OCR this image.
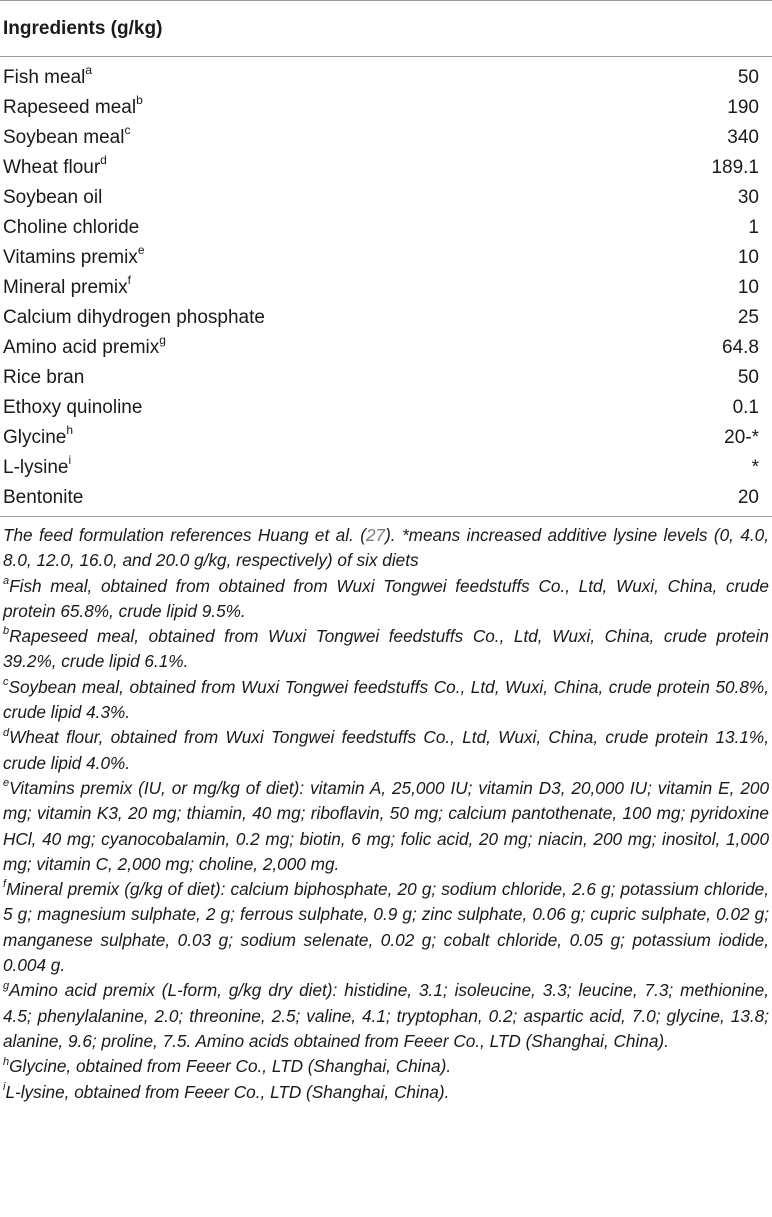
Ingredients (g/kg)
Fish meal$^a$	50
Rapeseed meal$^b$	190
Soybean meal$^c$	340
Wheat flour$^d$	189.1
Soybean oil	30
Choline chloride	1
Vitamins premix$^e$	10
Mineral premix$^f$	10
Calcium dihydrogen phosphate	25
Amino acid premix$^g$	64.8
Rice bran	50
Ethoxy quinoline	0.1
Glycine$^h$	20-*
L-lysine$^i$	*
Bentonite	20

The feed formulation references Huang et al. (27). *means increased additive lysine levels (0, 4.0, 8.0, 12.0, 16.0, and 20.0 g/kg, respectively) of six diets

$^a$Fish meal, obtained from obtained from Wuxi Tongwei feedstuffs Co., Ltd, Wuxi, China, crude protein 65.8%, crude lipid 9.5%.

$^b$Rapeseed meal, obtained from Wuxi Tongwei feedstuffs Co., Ltd, Wuxi, China, crude protein 39.2%, crude lipid 6.1%.

$^c$Soybean meal, obtained from Wuxi Tongwei feedstuffs Co., Ltd, Wuxi, China, crude protein 50.8%, crude lipid 4.3%.

$^d$Wheat flour, obtained from Wuxi Tongwei feedstuffs Co., Ltd, Wuxi, China, crude protein 13.1%, crude lipid 4.0%.

$^e$Vitamins premix (IU, or mg/kg of diet): vitamin A, 25,000 IU; vitamin D3, 20,000 IU; vitamin E, 200 mg; vitamin K3, 20 mg; thiamin, 40 mg; riboflavin, 50 mg; calcium pantothenate, 100 mg; pyridoxine HCl, 40 mg; cyanocobalamin, 0.2 mg; biotin, 6 mg; folic acid, 20 mg; niacin, 200 mg; inositol, 1,000 mg; vitamin C, 2,000 mg; choline, 2,000 mg.

$^f$Mineral premix (g/kg of diet): calcium biphosphate, 20 g; sodium chloride, 2.6 g; potassium chloride, 5 g; magnesium sulphate, 2 g; ferrous sulphate, 0.9 g; zinc sulphate, 0.06 g; cupric sulphate, 0.02 g; manganese sulphate, 0.03 g; sodium selenate, 0.02 g; cobalt chloride, 0.05 g; potassium iodide, 0.004 g.

$^g$Amino acid premix (L-form, g/kg dry diet): histidine, 3.1; isoleucine, 3.3; leucine, 7.3; methionine, 4.5; phenylalanine, 2.0; threonine, 2.5; valine, 4.1; tryptophan, 0.2; aspartic acid, 7.0; glycine, 13.8; alanine, 9.6; proline, 7.5. Amino acids obtained from Feeer Co., LTD (Shanghai, China).

$^h$Glycine, obtained from Feeer Co., LTD (Shanghai, China).

$^i$L-lysine, obtained from Feeer Co., LTD (Shanghai, China).
